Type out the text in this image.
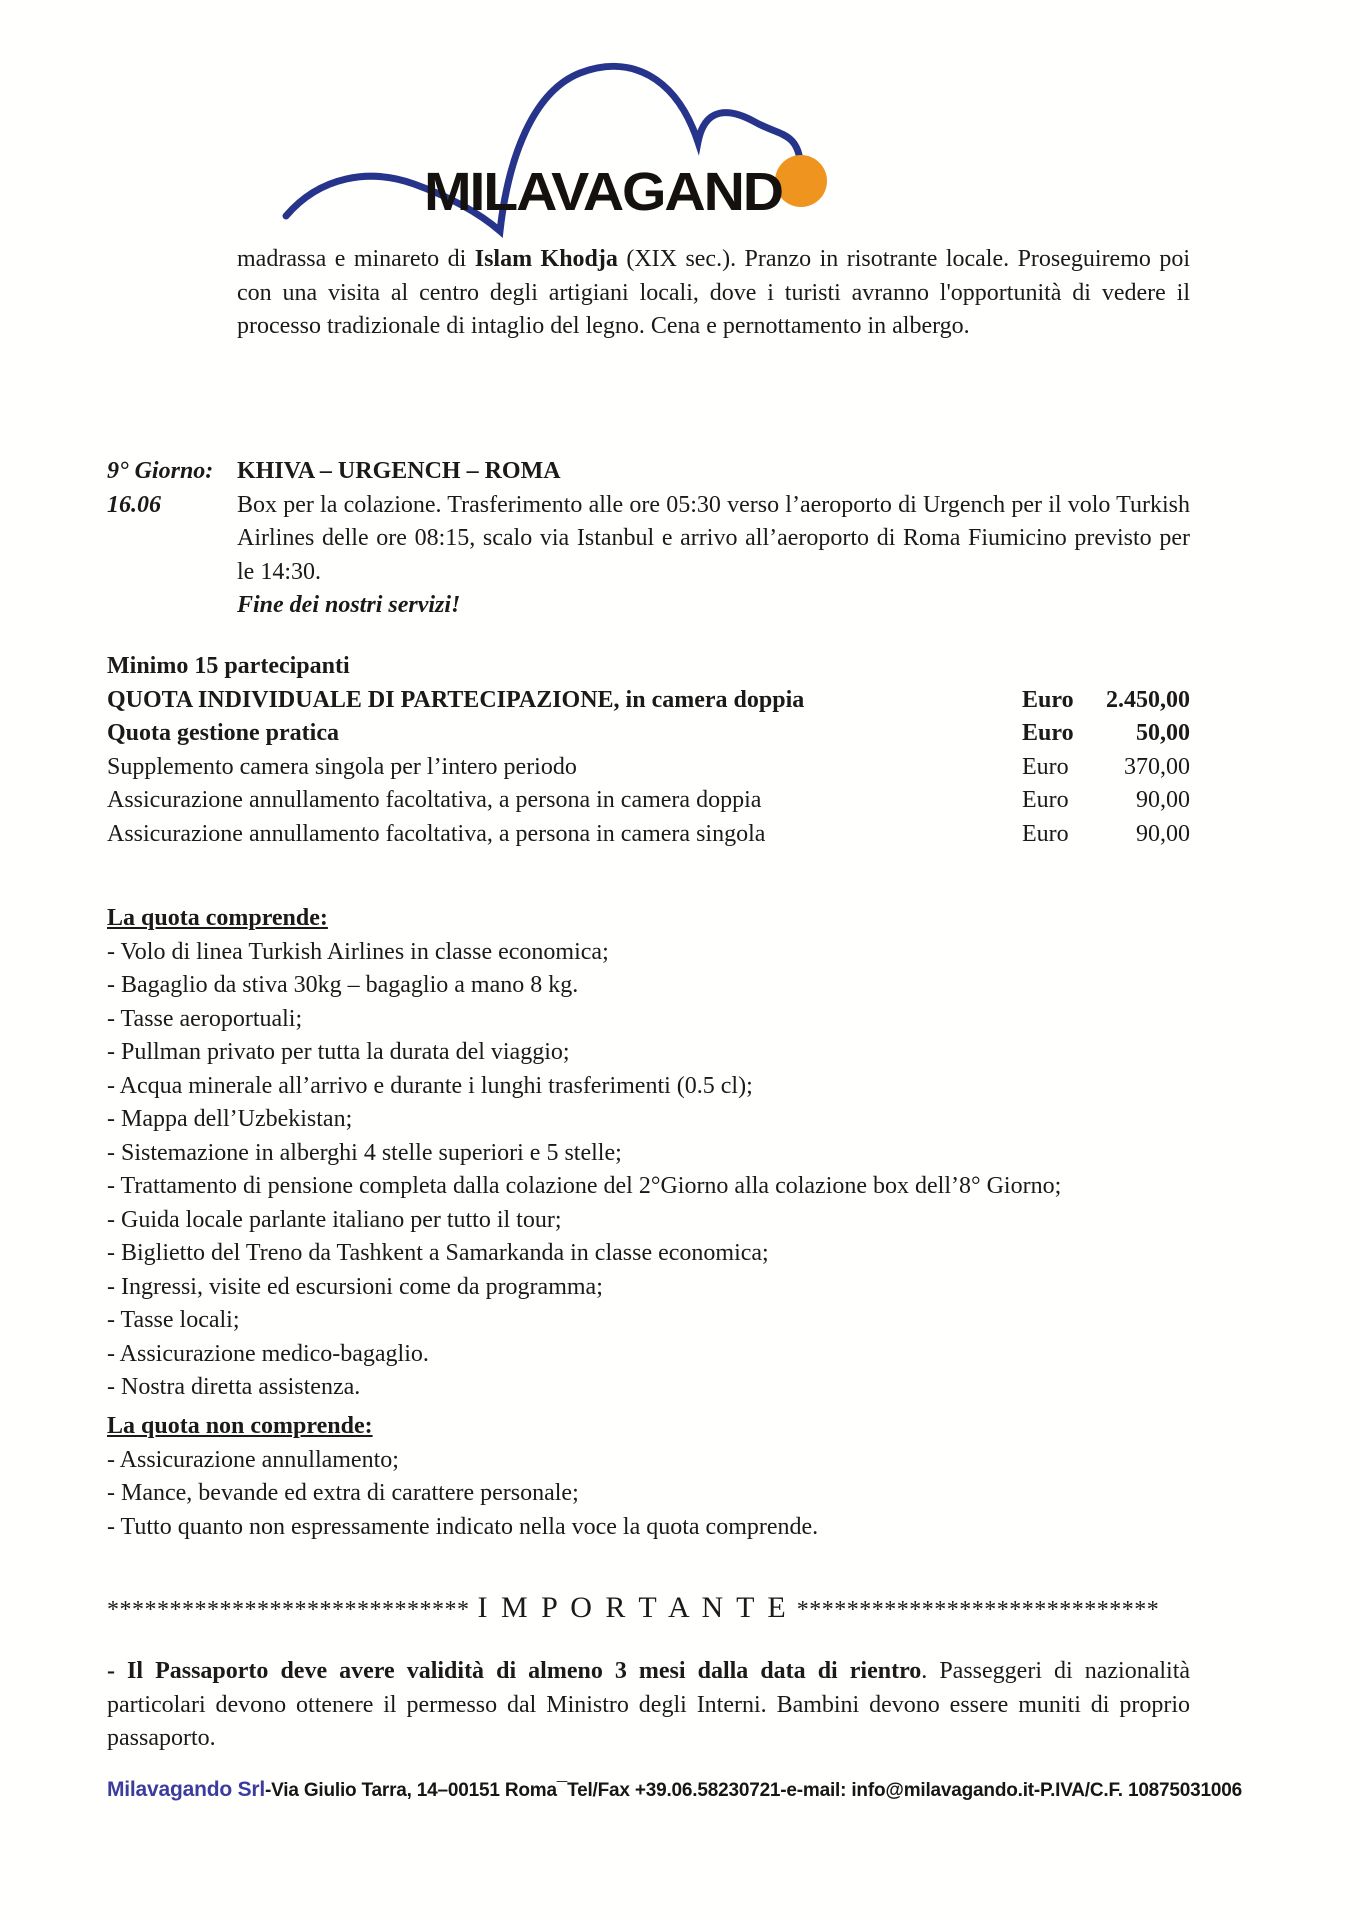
MILAVAGAND

madrassa e minareto di Islam Khodja (XIX sec.). Pranzo in risotrante locale. Proseguiremo poi con una visita al centro degli artigiani locali, dove i turisti avranno l'opportunità di vedere il processo tradizionale di intaglio del legno. Cena e pernottamento in albergo.

9° Giorno:
16.06
KHIVA – URGENCH – ROMA

Box per la colazione. Trasferimento alle ore 05:30 verso l’aeroporto di Urgench per il volo Turkish Airlines delle ore 08:15, scalo via Istanbul e arrivo all’aeroporto di Roma Fiumicino previsto per le 14:30.

Fine dei nostri servizi!
Minimo 15 partecipanti
QUOTA INDIVIDUALE DI PARTECIPAZIONE, in camera doppia	Euro	2.450,00
Quota gestione pratica	Euro	50,00
Supplemento camera singola per l’intero periodo	Euro	370,00
Assicurazione annullamento facoltativa, a persona in camera doppia	Euro	90,00
Assicurazione annullamento facoltativa, a persona in camera singola	Euro	90,00
La quota comprende:
- Volo di linea Turkish Airlines in classe economica;
- Bagaglio da stiva 30kg – bagaglio a mano 8 kg.
- Tasse aeroportuali;
- Pullman privato per tutta la durata del viaggio;
- Acqua minerale all’arrivo e durante i lunghi trasferimenti (0.5 cl);
- Mappa dell’Uzbekistan;
- Sistemazione in alberghi 4 stelle superiori e 5 stelle;
- Trattamento di pensione completa dalla colazione del 2°Giorno alla colazione box dell’8° Giorno;
- Guida locale parlante italiano per tutto il tour;
- Biglietto del Treno da Tashkent a Samarkanda in classe economica;
- Ingressi, visite ed escursioni come da programma;
- Tasse locali;
- Assicurazione medico-bagaglio.
- Nostra diretta assistenza.
La quota non comprende:
- Assicurazione annullamento;
- Mance, bevande ed extra di carattere personale;
- Tutto quanto non espressamente indicato nella voce la quota comprende.
***************************** I M P O R T A N T E *****************************

- Il Passaporto deve avere validità di almeno 3 mesi dalla data di rientro. Passeggeri di nazionalità particolari devono ottenere il permesso dal Ministro degli Interni. Bambini devono essere muniti di proprio passaporto.

Milavagando Srl-Via Giulio Tarra, 14–00151 Roma¯Tel/Fax +39.06.58230721-e-mail: info@milavagando.it-P.IVA/C.F. 10875031006
